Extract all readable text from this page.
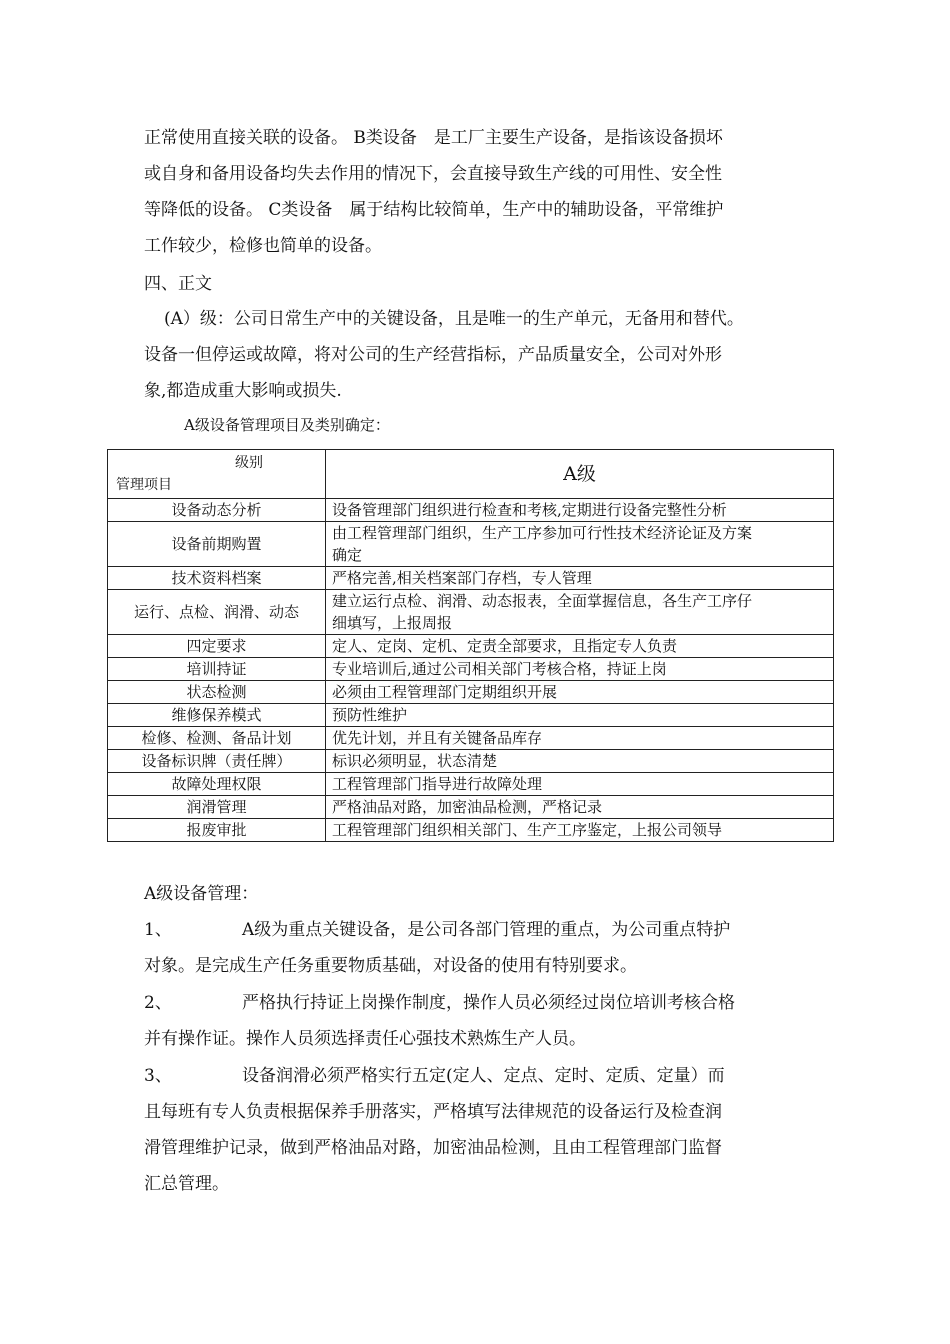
正常使用直接关联的设备。 B类设备　是工厂主要生产设备，是指该设备损坏
或自身和备用设备均失去作用的情况下，会直接导致生产线的可用性、安全性
等降低的设备。 C类设备　属于结构比较简单，生产中的辅助设备，平常维护
工作较少，检修也简单的设备。

四、正文

(A）级：公司日常生产中的关键设备，且是唯一的生产单元，无备用和替代。
设备一但停运或故障，将对公司的生产经营指标，产品质量安全，公司对外形
象,都造成重大影响或损失.

A级设备管理项目及类别确定：

级别
管理项目	A级
设备动态分析	设备管理部门组织进行检查和考核,定期进行设备完整性分析

设备前期购置	由工程管理部门组织，生产工序参加可行性技术经济论证及方案
确定

技术资料档案	严格完善,相关档案部门存档，专人管理

运行、点检、润滑、动态	建立运行点检、润滑、动态报表，全面掌握信息，各生产工序仔
细填写，上报周报

四定要求	定人、定岗、定机、定责全部要求，且指定专人负责

培训持证	专业培训后,通过公司相关部门考核合格，持证上岗

状态检测	必须由工程管理部门定期组织开展

维修保养模式	预防性维护

检修、检测、备品计划	优先计划，并且有关键备品库存

设备标识牌（责任牌）	标识必须明显，状态清楚

故障处理权限	工程管理部门指导进行故障处理

润滑管理	严格油品对路，加密油品检测，严格记录

报废审批	工程管理部门组织相关部门、生产工序鉴定，上报公司领导

A级设备管理：

1、	A级为重点关键设备，是公司各部门管理的重点，为公司重点特护
对象。是完成生产任务重要物质基础，对设备的使用有特别要求。
2、	严格执行持证上岗操作制度，操作人员必须经过岗位培训考核合格
并有操作证。操作人员须选择责任心强技术熟炼生产人员。
3、	设备润滑必须严格实行五定(定人、定点、定时、定质、定量）而
且每班有专人负责根据保养手册落实，严格填写法律规范的设备运行及检查润
滑管理维护记录，做到严格油品对路，加密油品检测，且由工程管理部门监督
汇总管理。
